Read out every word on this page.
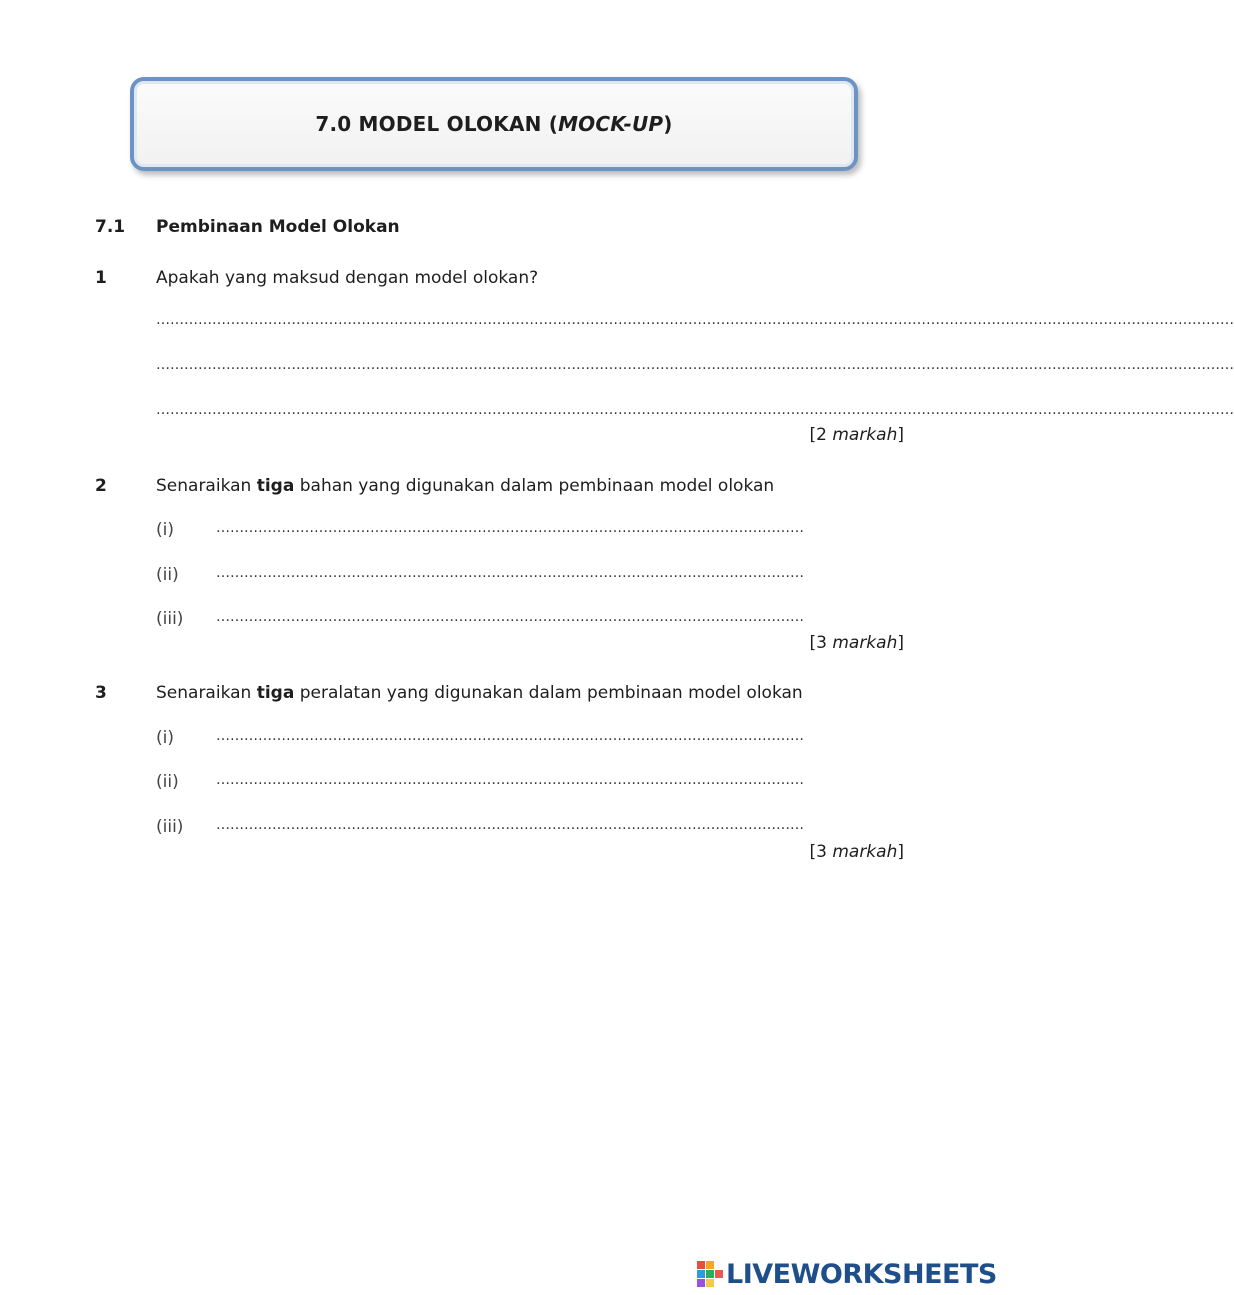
7.0 MODEL OLOKAN (MOCK-UP)
7.1 Pembinaan Model Olokan
1	Apakah yang maksud dengan model olokan?
……………………………………………………………………………………………………………………………………………………………………………………………………………
……………………………………………………………………………………………………………………………………………………………………………………………………………
……………………………………………………………………………………………………………………………………………………………………………………………………………
[2 markah]
2	Senaraikan tiga bahan yang digunakan dalam pembinaan model olokan
(i)	………………………………………………………………………………………………………………
(ii)	………………………………………………………………………………………………………………
(iii) ………………………………………………………………………………………………………………
[3 markah]
3	Senaraikan tiga peralatan yang digunakan dalam pembinaan model olokan
(i)	………………………………………………………………………………………………………………
(ii)	………………………………………………………………………………………………………………
(iii) ………………………………………………………………………………………………………………
[3 markah]
LIVEWORKSHEETS
